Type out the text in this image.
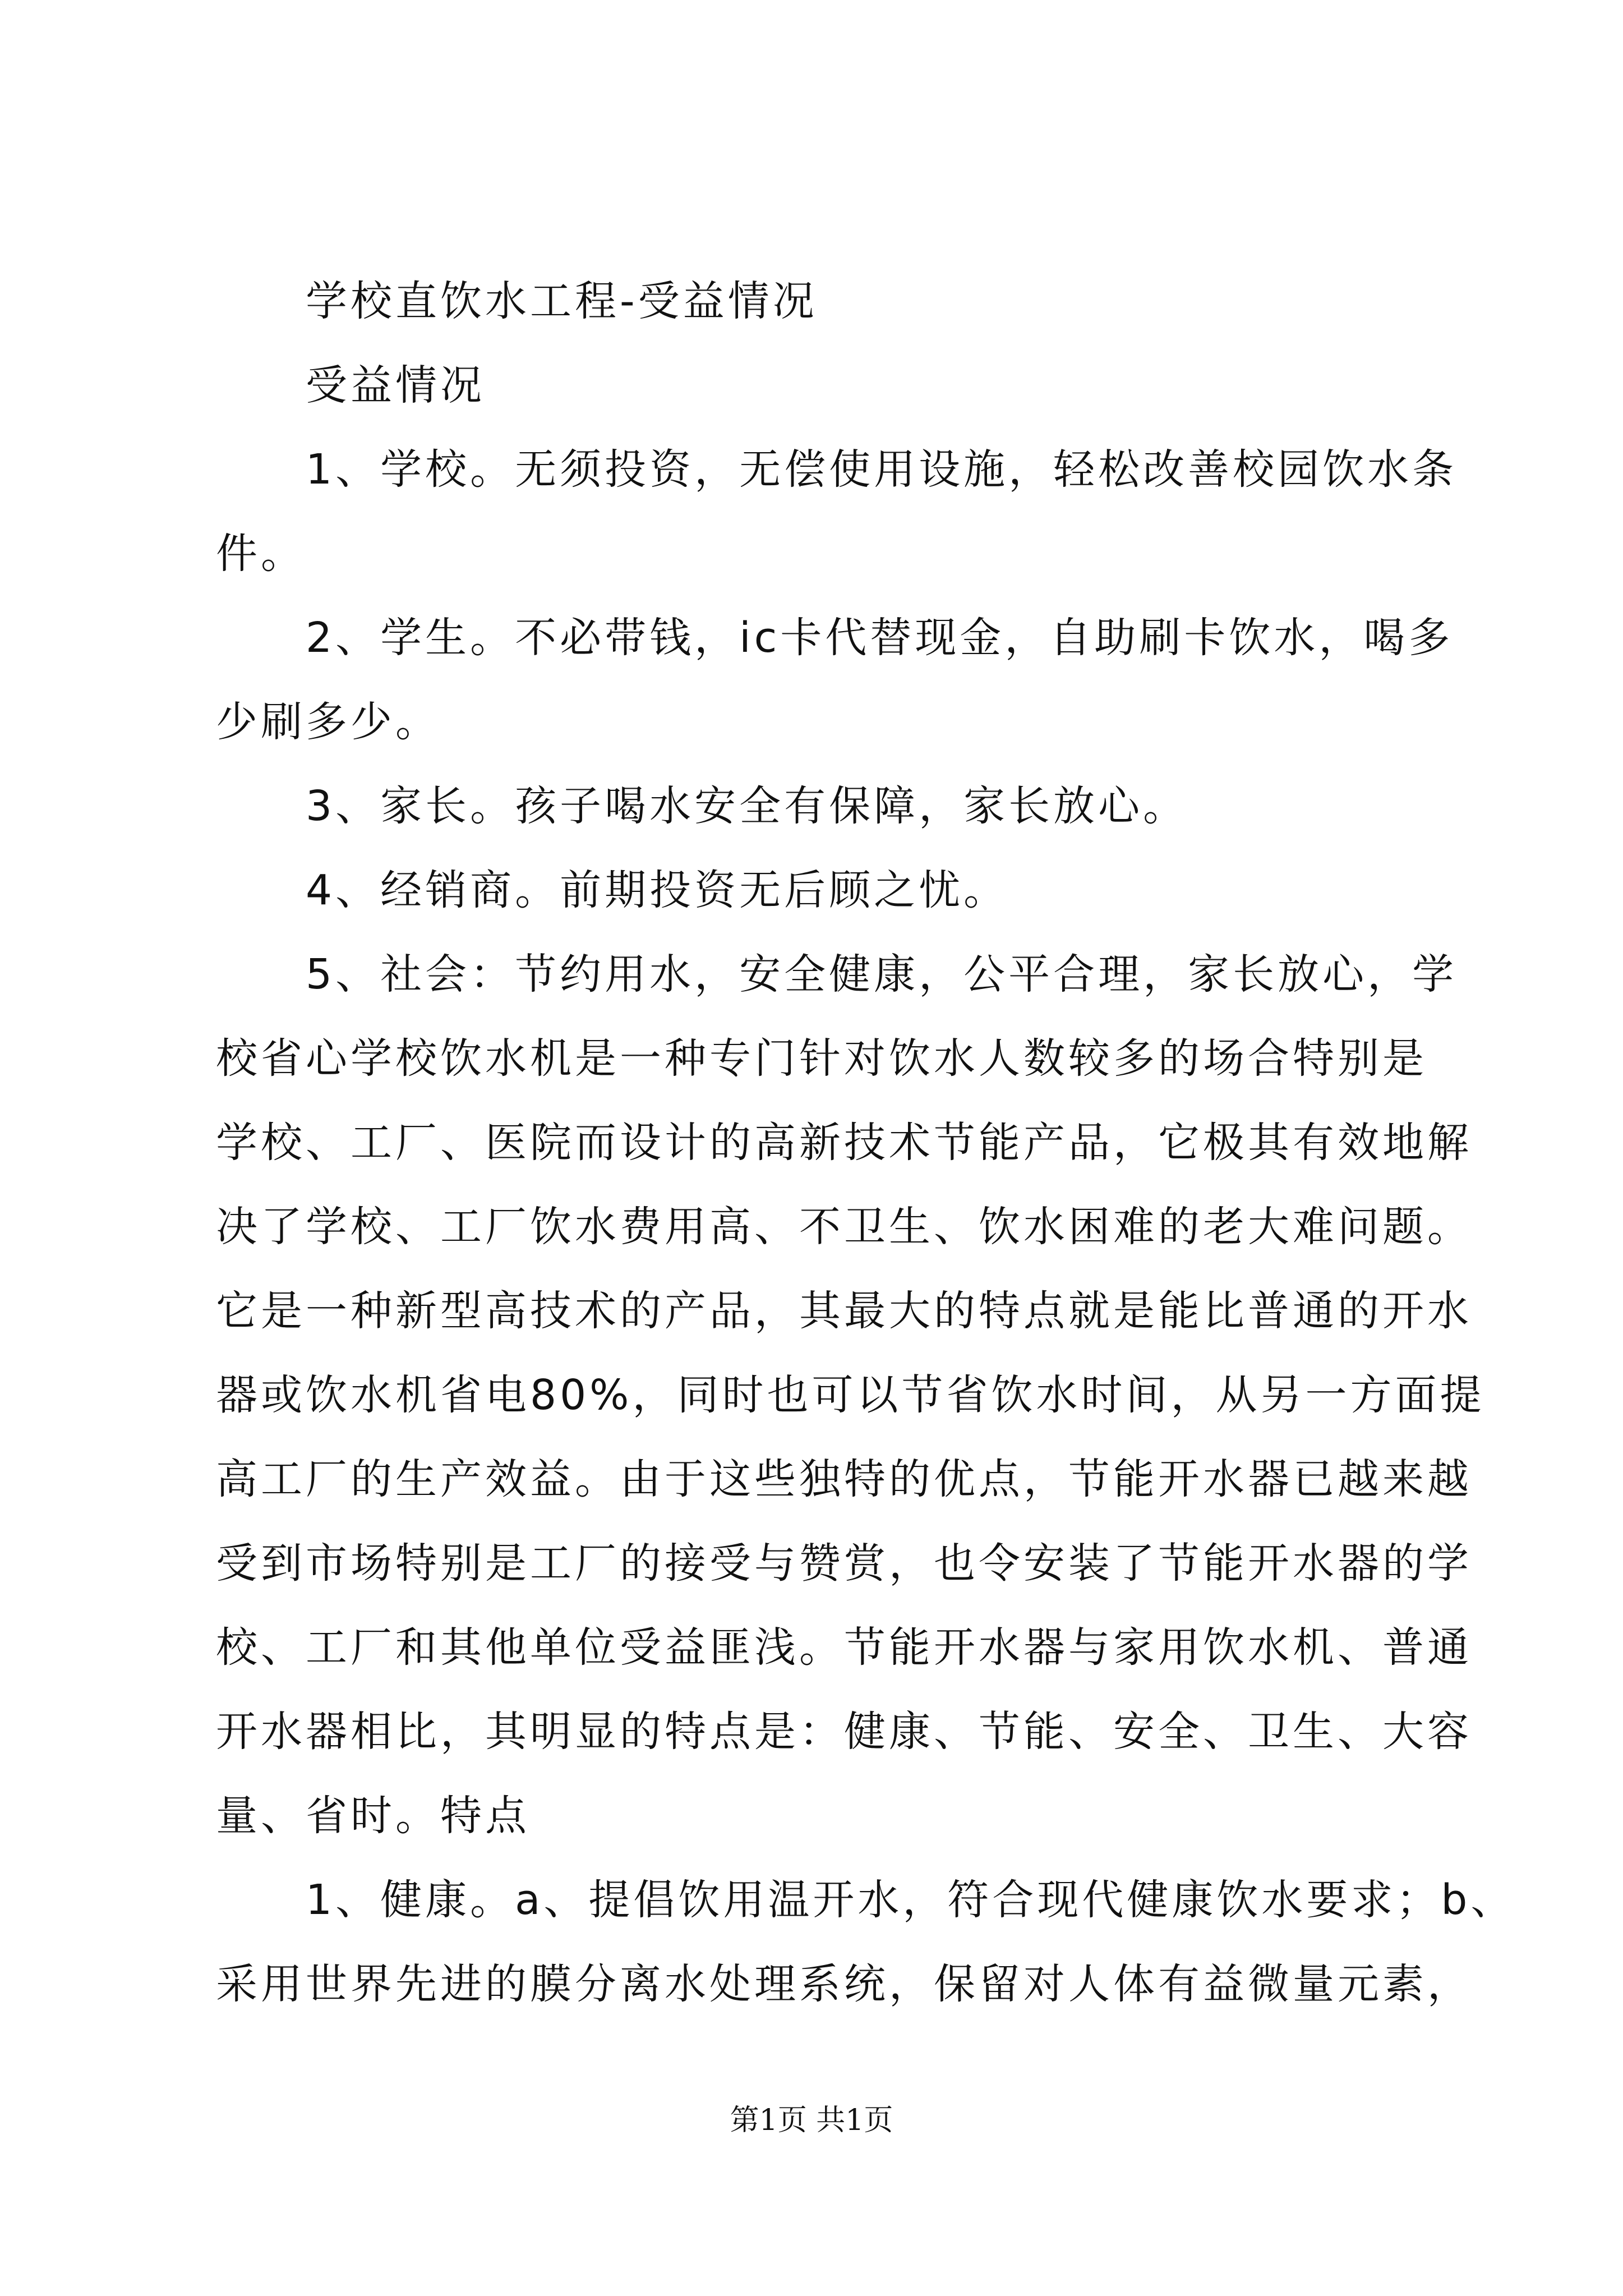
学校直饮水工程-受益情况
受益情况
1、学校。无须投资，无偿使用设施，轻松改善校园饮水条
件。
2、学生。不必带钱，ic卡代替现金，自助刷卡饮水，喝多
少刷多少。
3、家长。孩子喝水安全有保障，家长放心。
4、经销商。前期投资无后顾之忧。
5、社会：节约用水，安全健康，公平合理，家长放心，学
校省心学校饮水机是一种专门针对饮水人数较多的场合特别是
学校、工厂、医院而设计的高新技术节能产品，它极其有效地解
决了学校、工厂饮水费用高、不卫生、饮水困难的老大难问题。
它是一种新型高技术的产品，其最大的特点就是能比普通的开水
器或饮水机省电80%，同时也可以节省饮水时间，从另一方面提
高工厂的生产效益。由于这些独特的优点，节能开水器已越来越
受到市场特别是工厂的接受与赞赏，也令安装了节能开水器的学
校、工厂和其他单位受益匪浅。节能开水器与家用饮水机、普通
开水器相比，其明显的特点是：健康、节能、安全、卫生、大容
量、省时。特点
1、健康。a、提倡饮用温开水，符合现代健康饮水要求；b、
采用世界先进的膜分离水处理系统，保留对人体有益微量元素，
第1页 共1页
